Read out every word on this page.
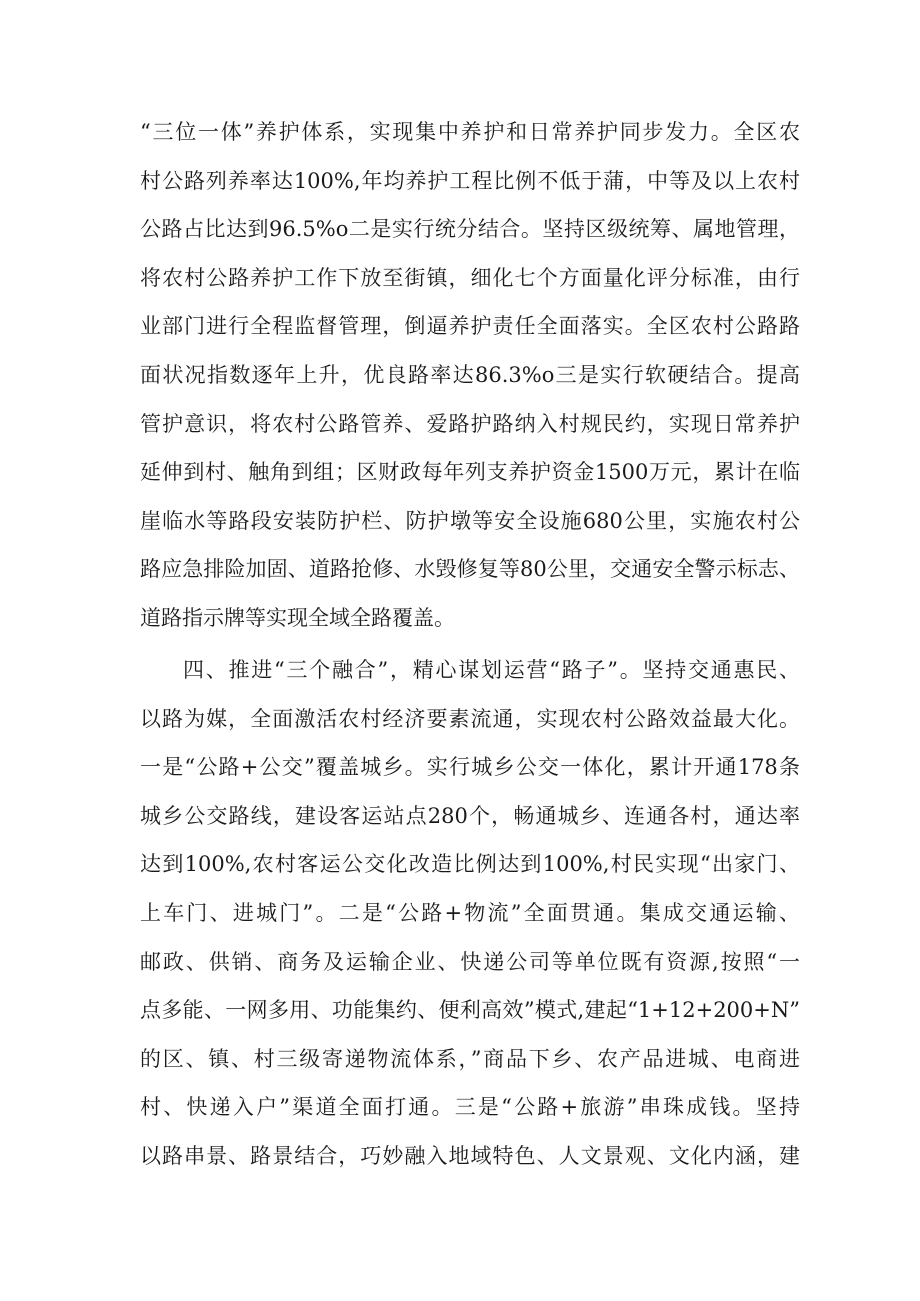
“三位一体”养护体系，实现集中养护和日常养护同步发力。全区农
村公路列养率达100%,年均养护工程比例不低于蒲，中等及以上农村
公路占比达到96.5%o二是实行统分结合。坚持区级统筹、属地管理，
将农村公路养护工作下放至街镇，细化七个方面量化评分标准，由行
业部门进行全程监督管理，倒逼养护责任全面落实。全区农村公路路
面状况指数逐年上升，优良路率达86.3%o三是实行软硬结合。提高
管护意识，将农村公路管养、爱路护路纳入村规民约，实现日常养护
延伸到村、触角到组；区财政每年列支养护资金1500万元，累计在临
崖临水等路段安装防护栏、防护墩等安全设施680公里，实施农村公
路应急排险加固、道路抢修、水毁修复等80公里，交通安全警示标志、
道路指示牌等实现全域全路覆盖。
四、推进“三个融合”，精心谋划运营“路子”。坚持交通惠民、
以路为媒，全面激活农村经济要素流通，实现农村公路效益最大化。
一是“公路+公交”覆盖城乡。实行城乡公交一体化，累计开通178条
城乡公交路线，建设客运站点280个，畅通城乡、连通各村，通达率
达到100%,农村客运公交化改造比例达到100%,村民实现“出家门、
上车门、进城门”。二是“公路+物流”全面贯通。集成交通运输、
邮政、供销、商务及运输企业、快递公司等单位既有资源,按照“一
点多能、一网多用、功能集约、便利高效”模式,建起“1+12+200+N”
的区、镇、村三级寄递物流体系，”商品下乡、农产品进城、电商进
村、快递入户”渠道全面打通。三是“公路+旅游”串珠成钱。坚持
以路串景、路景结合，巧妙融入地域特色、人文景观、文化内涵，建
